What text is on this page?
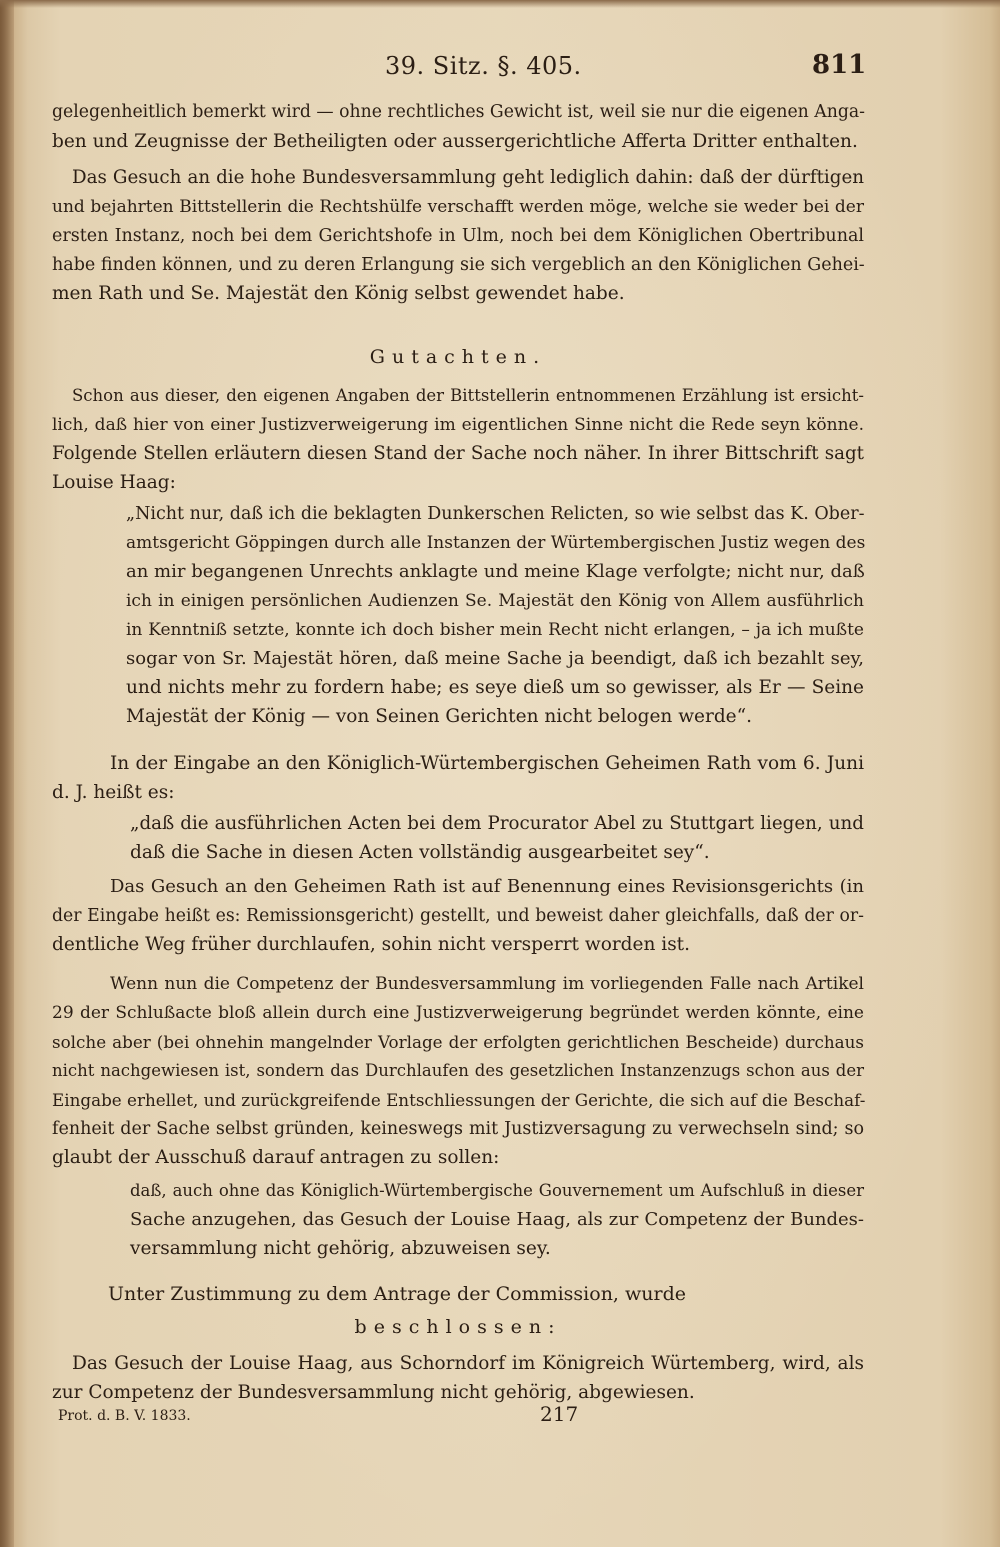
39. Sitz. §. 405.	811
gelegenheitlich bemerkt wird — ohne rechtliches Gewicht ist, weil sie nur die eigenen Anga-
ben und Zeugnisse der Betheiligten oder aussergerichtliche Afferta Dritter enthalten.
Das Gesuch an die hohe Bundesversammlung geht lediglich dahin: daß der dürftigen
und bejahrten Bittstellerin die Rechtshülfe verschafft werden möge, welche sie weder bei der
ersten Instanz, noch bei dem Gerichtshofe in Ulm, noch bei dem Königlichen Obertribunal
habe finden können, und zu deren Erlangung sie sich vergeblich an den Königlichen Gehei-
men Rath und Se. Majestät den König selbst gewendet habe.
Gutachten.
Schon aus dieser, den eigenen Angaben der Bittstellerin entnommenen Erzählung ist ersicht-
lich, daß hier von einer Justizverweigerung im eigentlichen Sinne nicht die Rede seyn könne.
Folgende Stellen erläutern diesen Stand der Sache noch näher. In ihrer Bittschrift sagt
Louise Haag:
„Nicht nur, daß ich die beklagten Dunkerschen Relicten, so wie selbst das K. Ober-
amtsgericht Göppingen durch alle Instanzen der Würtembergischen Justiz wegen des
an mir begangenen Unrechts anklagte und meine Klage verfolgte; nicht nur, daß
ich in einigen persönlichen Audienzen Se. Majestät den König von Allem ausführlich
in Kenntniß setzte, konnte ich doch bisher mein Recht nicht erlangen, – ja ich mußte
sogar von Sr. Majestät hören, daß meine Sache ja beendigt, daß ich bezahlt sey,
und nichts mehr zu fordern habe; es seye dieß um so gewisser, als Er — Seine
Majestät der König — von Seinen Gerichten nicht belogen werde“.
In der Eingabe an den Königlich-Würtembergischen Geheimen Rath vom 6. Juni
d. J. heißt es:
„daß die ausführlichen Acten bei dem Procurator Abel zu Stuttgart liegen, und
daß die Sache in diesen Acten vollständig ausgearbeitet sey“.
Das Gesuch an den Geheimen Rath ist auf Benennung eines Revisionsgerichts (in
der Eingabe heißt es: Remissionsgericht) gestellt, und beweist daher gleichfalls, daß der or-
dentliche Weg früher durchlaufen, sohin nicht versperrt worden ist.
Wenn nun die Competenz der Bundesversammlung im vorliegenden Falle nach Artikel
29 der Schlußacte bloß allein durch eine Justizverweigerung begründet werden könnte, eine
solche aber (bei ohnehin mangelnder Vorlage der erfolgten gerichtlichen Bescheide) durchaus
nicht nachgewiesen ist, sondern das Durchlaufen des gesetzlichen Instanzenzugs schon aus der
Eingabe erhellet, und zurückgreifende Entschliessungen der Gerichte, die sich auf die Beschaf-
fenheit der Sache selbst gründen, keineswegs mit Justizversagung zu verwechseln sind; so
glaubt der Ausschuß darauf antragen zu sollen:
daß, auch ohne das Königlich-Würtembergische Gouvernement um Aufschluß in dieser
Sache anzugehen, das Gesuch der Louise Haag, als zur Competenz der Bundes-
versammlung nicht gehörig, abzuweisen sey.
Unter Zustimmung zu dem Antrage der Commission, wurde
beschlossen:
Das Gesuch der Louise Haag, aus Schorndorf im Königreich Würtemberg, wird, als
zur Competenz der Bundesversammlung nicht gehörig, abgewiesen.
Prot. d. B. V. 1833.	217
